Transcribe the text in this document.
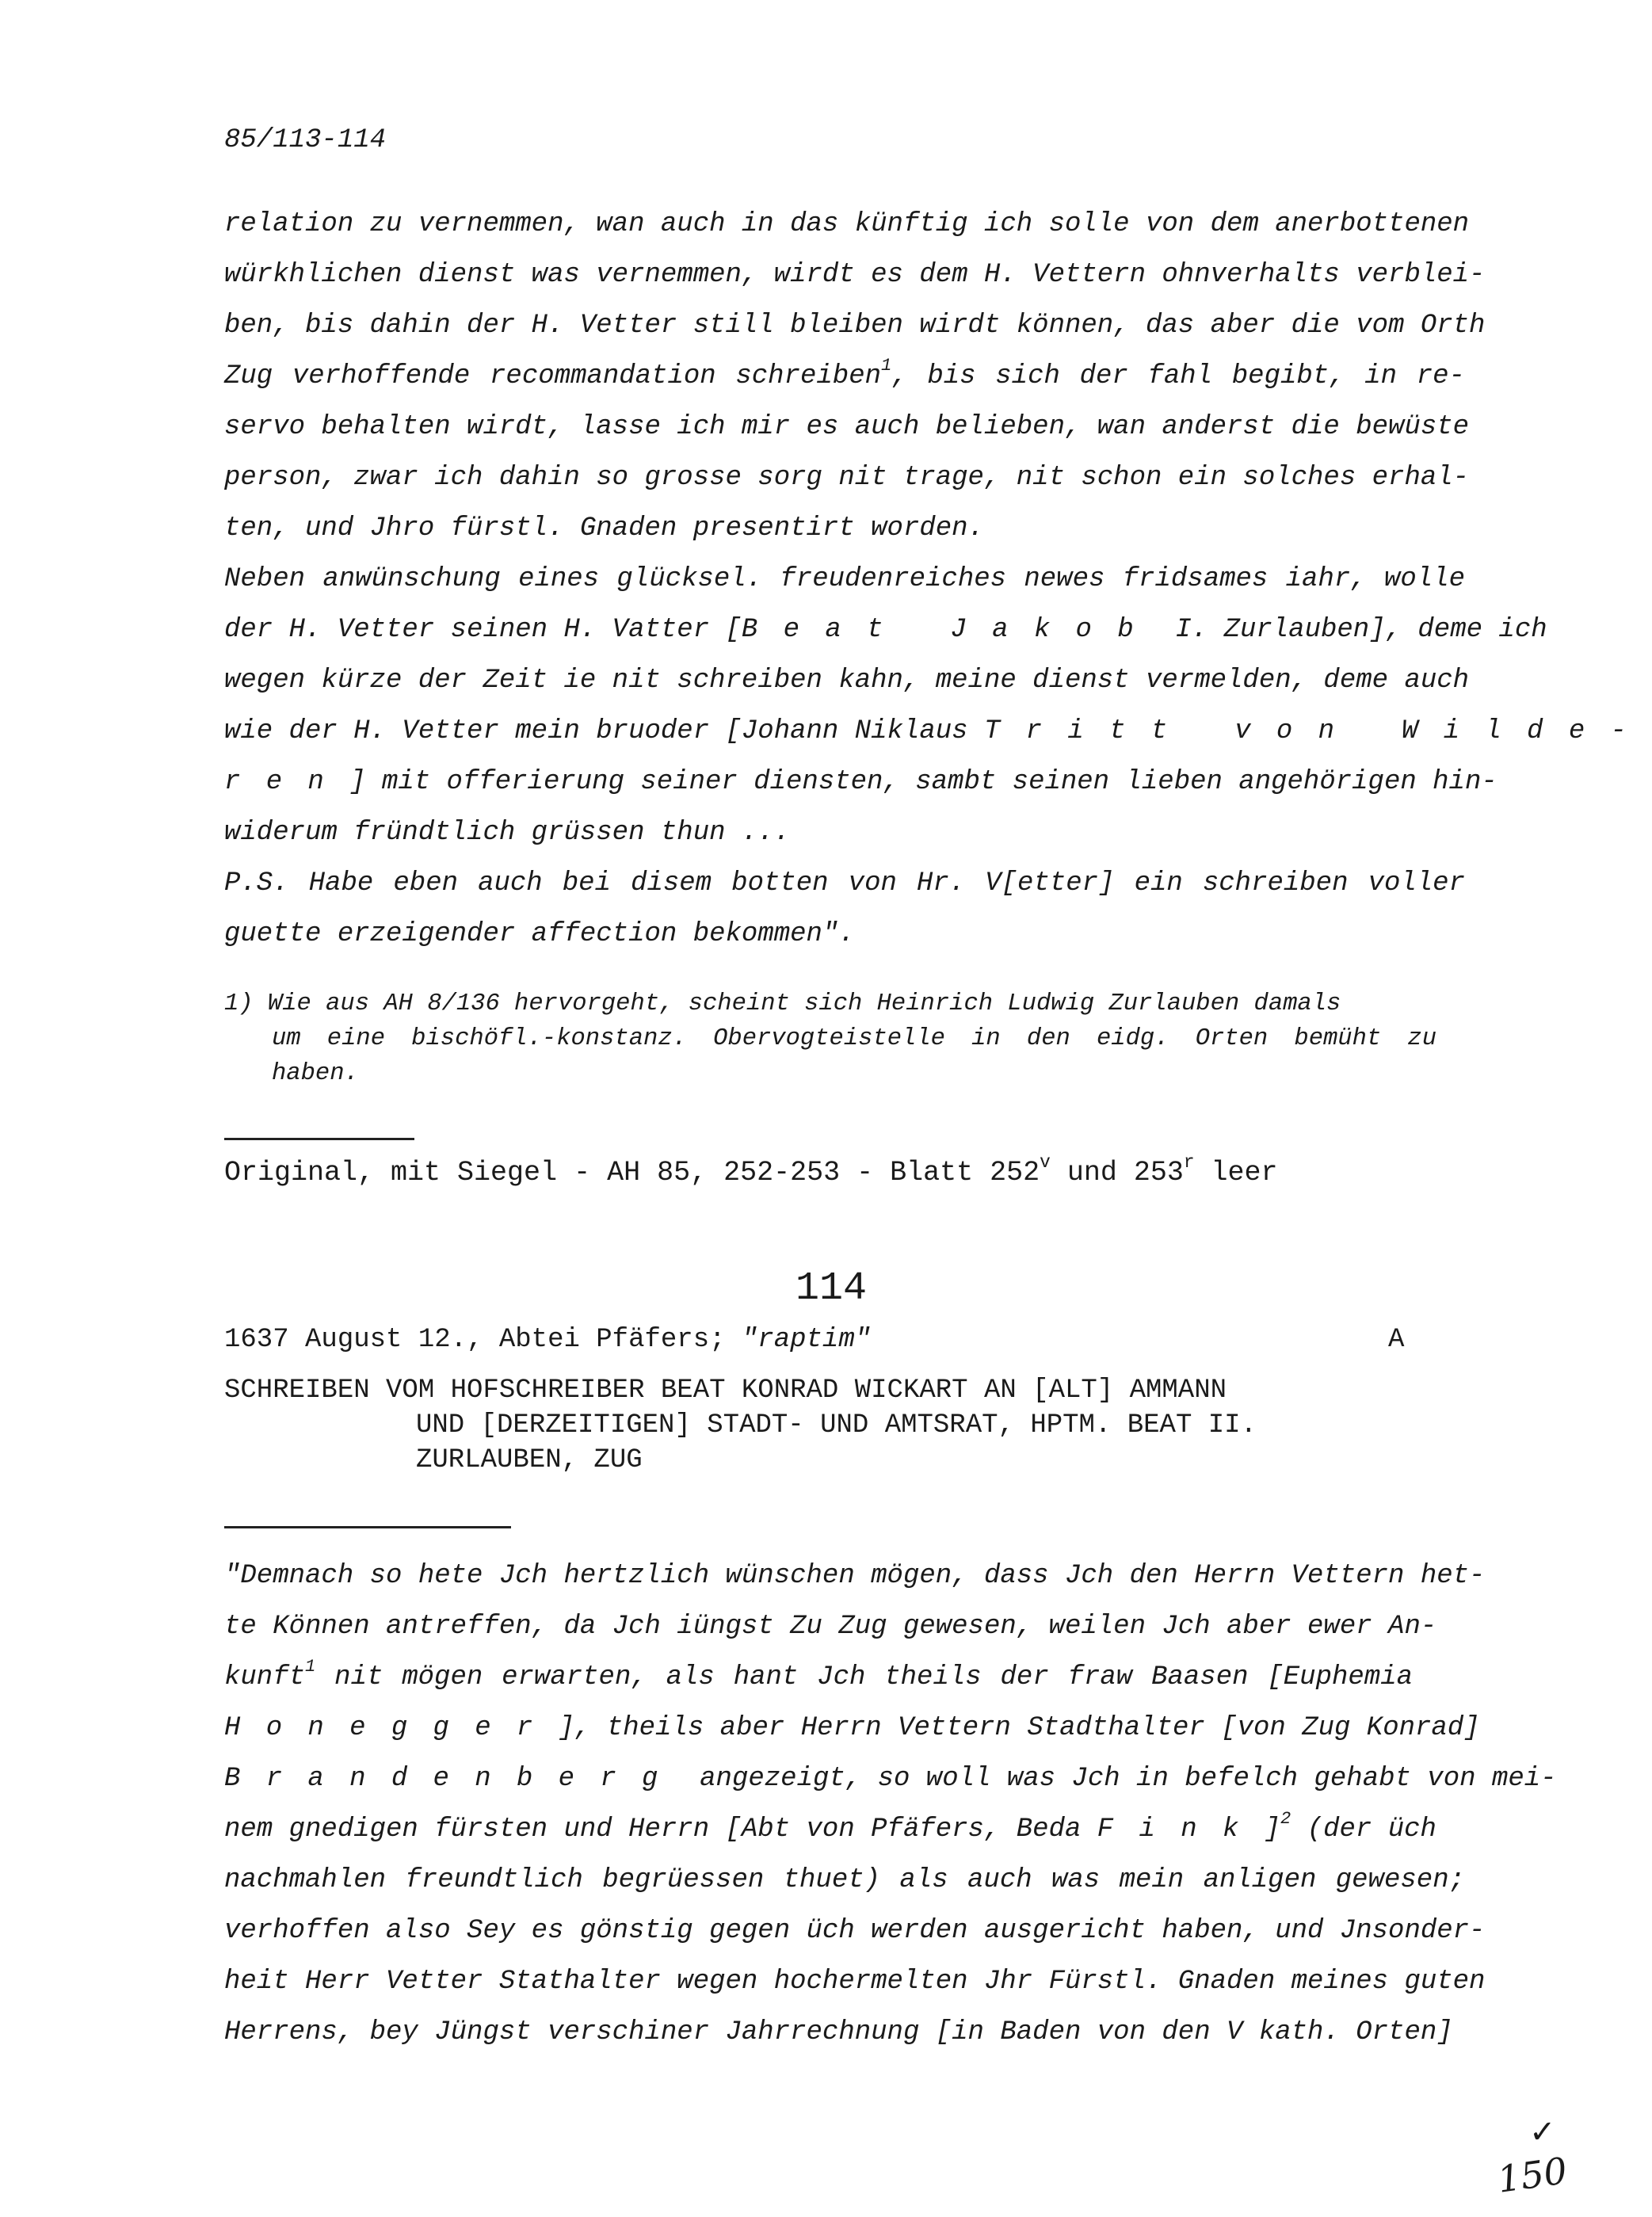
85/113-114
relation zu vernemmen, wan auch in das künftig ich solle von dem anerbottenen
würkhlichen dienst was vernemmen, wirdt es dem H. Vettern ohnverhalts verblei-
ben, bis dahin der H. Vetter still bleiben wirdt können, das aber die vom Orth
Zug verhoffende recommandation schreiben$^1$, bis sich der fahl begibt, in re-
servo behalten wirdt, lasse ich mir es auch belieben, wan anderst die bewüste
person, zwar ich dahin so grosse sorg nit trage, nit schon ein solches erhal-
ten, und Jhro fürstl. Gnaden presentirt worden.
Neben anwünschung eines glücksel. freudenreiches newes fridsames iahr, wolle
der H. Vetter seinen H. Vatter [Beat Jakob I. Zurlauben], deme ich
wegen kürze der Zeit ie nit schreiben kahn, meine dienst vermelden, deme auch
wie der H. Vetter mein bruoder [Johann Niklaus Tritt von Wilde-
ren] mit offerierung seiner diensten, sambt seinen lieben angehörigen hin-
widerum fründtlich grüssen thun ...
P.S. Habe eben auch bei disem botten von Hr. V[etter] ein schreiben voller
guette erzeigender affection bekommen".
1) Wie aus AH 8/136 hervorgeht, scheint sich Heinrich Ludwig Zurlauben damals
um eine bischöfl.-konstanz. Obervogteistelle in den eidg. Orten bemüht zu
haben.
Original, mit Siegel - AH 85, 252-253 - Blatt 252$^v$ und 253$^r$ leer
114
1637 August 12., Abtei Pfäfers; "raptim"	A
SCHREIBEN VOM HOFSCHREIBER BEAT KONRAD WICKART AN [ALT] AMMANN
UND [DERZEITIGEN] STADT- UND AMTSRAT, HPTM. BEAT II.
ZURLAUBEN, ZUG
"Demnach so hete Jch hertzlich wünschen mögen, dass Jch den Herrn Vettern het-
te Können antreffen, da Jch iüngst Zu Zug gewesen, weilen Jch aber ewer An-
kunft$^1$ nit mögen erwarten, als hant Jch theils der fraw Baasen [Euphemia
Honegger], theils aber Herrn Vettern Stadthalter [von Zug Konrad]
Brandenberg angezeigt, so woll was Jch in befelch gehabt von mei-
nem gnedigen fürsten und Herrn [Abt von Pfäfers, Beda Fink]$^2$ (der üch
nachmahlen freundtlich begrüessen thuet) als auch was mein anligen gewesen;
verhoffen also Sey es gönstig gegen üch werden ausgericht haben, und Jnsonder-
heit Herr Vetter Stathalter wegen hochermelten Jhr Fürstl. Gnaden meines guten
Herrens, bey Jüngst verschiner Jahrrechnung [in Baden von den V kath. Orten]
✓
150
